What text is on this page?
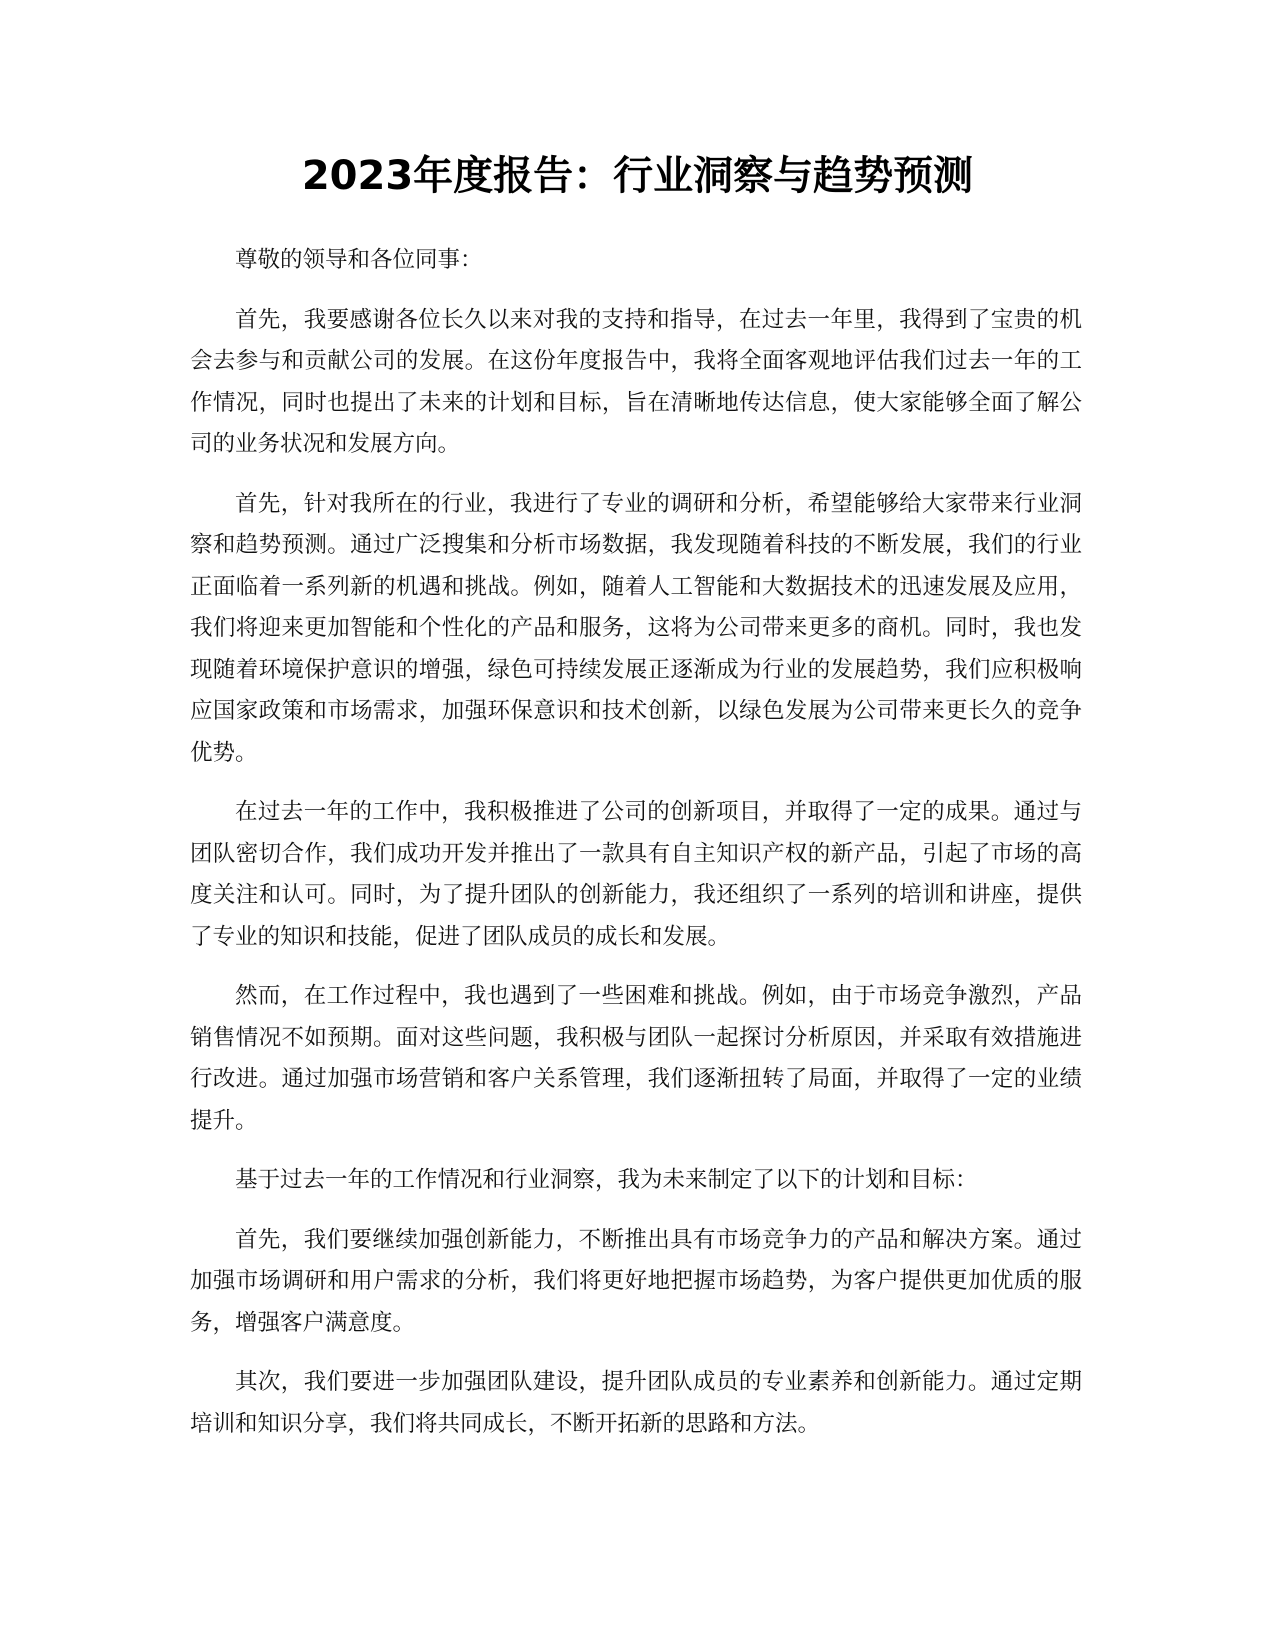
2023年度报告：行业洞察与趋势预测

尊敬的领导和各位同事：

首先，我要感谢各位长久以来对我的支持和指导，在过去一年里，我得到了宝贵的机会去参与和贡献公司的发展。在这份年度报告中，我将全面客观地评估我们过去一年的工作情况，同时也提出了未来的计划和目标，旨在清晰地传达信息，使大家能够全面了解公司的业务状况和发展方向。

首先，针对我所在的行业，我进行了专业的调研和分析，希望能够给大家带来行业洞察和趋势预测。通过广泛搜集和分析市场数据，我发现随着科技的不断发展，我们的行业正面临着一系列新的机遇和挑战。例如，随着人工智能和大数据技术的迅速发展及应用，我们将迎来更加智能和个性化的产品和服务，这将为公司带来更多的商机。同时，我也发现随着环境保护意识的增强，绿色可持续发展正逐渐成为行业的发展趋势，我们应积极响应国家政策和市场需求，加强环保意识和技术创新，以绿色发展为公司带来更长久的竞争优势。

在过去一年的工作中，我积极推进了公司的创新项目，并取得了一定的成果。通过与团队密切合作，我们成功开发并推出了一款具有自主知识产权的新产品，引起了市场的高度关注和认可。同时，为了提升团队的创新能力，我还组织了一系列的培训和讲座，提供了专业的知识和技能，促进了团队成员的成长和发展。

然而，在工作过程中，我也遇到了一些困难和挑战。例如，由于市场竞争激烈，产品销售情况不如预期。面对这些问题，我积极与团队一起探讨分析原因，并采取有效措施进行改进。通过加强市场营销和客户关系管理，我们逐渐扭转了局面，并取得了一定的业绩提升。

基于过去一年的工作情况和行业洞察，我为未来制定了以下的计划和目标：

首先，我们要继续加强创新能力，不断推出具有市场竞争力的产品和解决方案。通过加强市场调研和用户需求的分析，我们将更好地把握市场趋势，为客户提供更加优质的服务，增强客户满意度。

其次，我们要进一步加强团队建设，提升团队成员的专业素养和创新能力。通过定期培训和知识分享，我们将共同成长，不断开拓新的思路和方法。
